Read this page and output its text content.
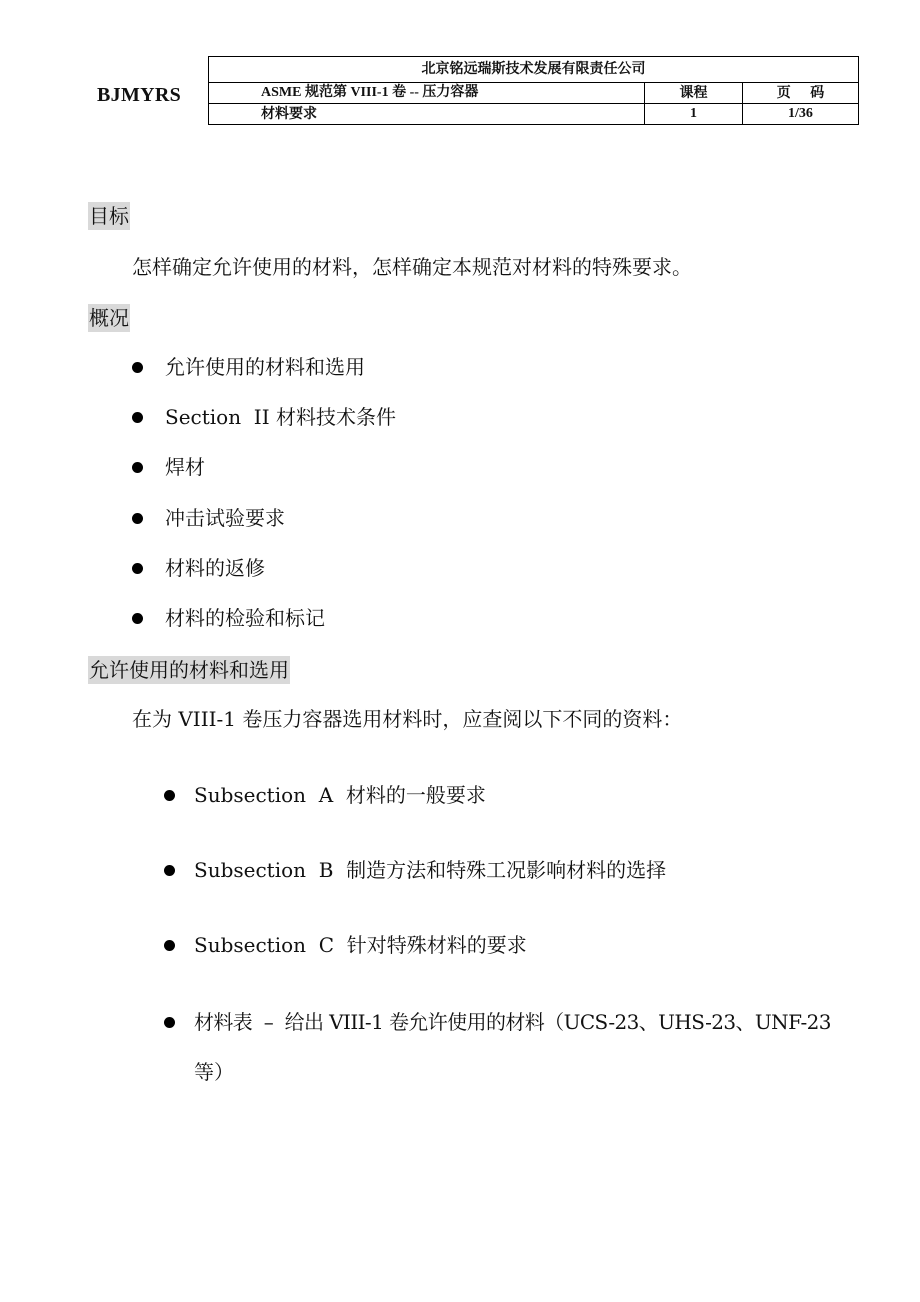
BJMYRS
北京铭远瑞斯技术发展有限责任公司		
ASME 规范第 VIII-1 卷 -- 压力容器	课程	页    码
材料要求	1	1/36
目标
怎样确定允许使用的材料，怎样确定本规范对材料的特殊要求。
概况
允许使用的材料和选用
Section  II 材料技术条件
焊材
冲击试验要求
材料的返修
材料的检验和标记
允许使用的材料和选用
在为 VIII-1 卷压力容器选用材料时，应查阅以下不同的资料：
Subsection  A  材料的一般要求
Subsection  B  制造方法和特殊工况影响材料的选择
Subsection  C  针对特殊材料的要求
材料表  –  给出 VIII-1 卷允许使用的材料（UCS-23、UHS-23、UNF-23
等）
